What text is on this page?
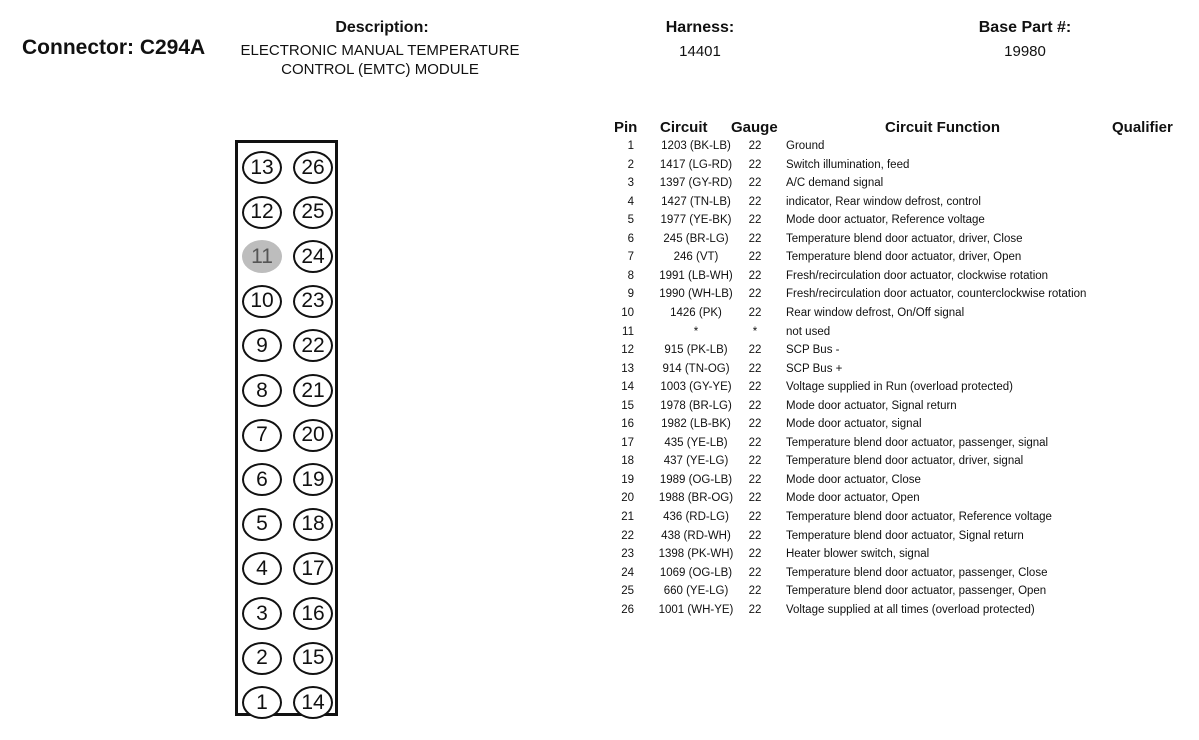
Connector: C294A
Description:
ELECTRONIC MANUAL TEMPERATURE
CONTROL (EMTC) MODULE
Harness:
14401
Base Part #:
19980
13
12
11
10
9
8
7
6
5
4
3
2
1
26
25
24
23
22
21
20
19
18
17
16
15
14
Pin Circuit Gauge	Circuit Function	Qualifier
1	1203 (BK-LB)	22	Ground
2	1417 (LG-RD)	22	Switch illumination, feed
3	1397 (GY-RD)	22	A/C demand signal
4	1427 (TN-LB)	22	indicator, Rear window defrost, control
5	1977 (YE-BK)	22	Mode door actuator, Reference voltage
6	245 (BR-LG)	22	Temperature blend door actuator, driver, Close
7	246 (VT)	22	Temperature blend door actuator, driver, Open
8	1991 (LB-WH)	22	Fresh/recirculation door actuator, clockwise rotation
9	1990 (WH-LB)	22	Fresh/recirculation door actuator, counterclockwise rotation
10	1426 (PK)	22	Rear window defrost, On/Off signal
11	*	*	not used
12	915 (PK-LB)	22	SCP Bus -
13	914 (TN-OG)	22	SCP Bus +
14	1003 (GY-YE)	22	Voltage supplied in Run (overload protected)
15	1978 (BR-LG)	22	Mode door actuator, Signal return
16	1982 (LB-BK)	22	Mode door actuator, signal
17	435 (YE-LB)	22	Temperature blend door actuator, passenger, signal
18	437 (YE-LG)	22	Temperature blend door actuator, driver, signal
19	1989 (OG-LB)	22	Mode door actuator, Close
20	1988 (BR-OG)	22	Mode door actuator, Open
21	436 (RD-LG)	22	Temperature blend door actuator, Reference voltage
22	438 (RD-WH)	22	Temperature blend door actuator, Signal return
23	1398 (PK-WH)	22	Heater blower switch, signal
24	1069 (OG-LB)	22	Temperature blend door actuator, passenger, Close
25	660 (YE-LG)	22	Temperature blend door actuator, passenger, Open
26	1001 (WH-YE)	22	Voltage supplied at all times (overload protected)
